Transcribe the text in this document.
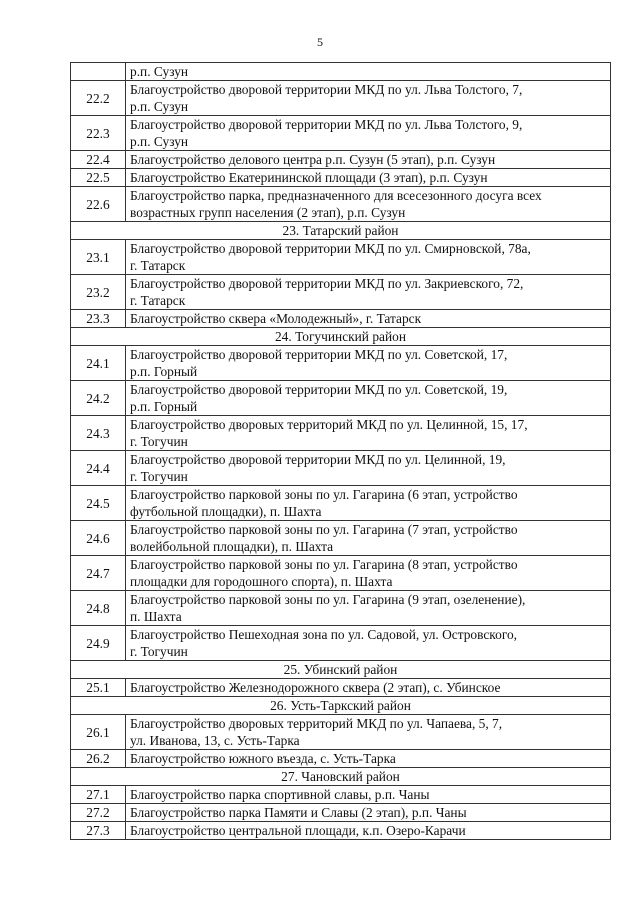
5

	р.п. Сузун

22.2	Благоустройство дворовой территории МКД по ул. Льва Толстого, 7,
р.п. Сузун

22.3	Благоустройство дворовой территории МКД по ул. Льва Толстого, 9,
р.п. Сузун

22.4	Благоустройство делового центра р.п. Сузун (5 этап), р.п. Сузун

22.5	Благоустройство Екатерининской площади (3 этап), р.п. Сузун

22.6	Благоустройство парка, предназначенного для всесезонного досуга всех
возрастных групп населения (2 этап), р.п. Сузун

23. Татарский район	
23.1	Благоустройство дворовой территории МКД по ул. Смирновской, 78а,
г. Татарск

23.2	Благоустройство дворовой территории МКД по ул. Закриевского, 72,
г. Татарск

23.3	Благоустройство сквера «Молодежный», г. Татарск

24. Тогучинский район	
24.1	Благоустройство дворовой территории МКД по ул. Советской, 17,
р.п. Горный

24.2	Благоустройство дворовой территории МКД по ул. Советской, 19,
р.п. Горный

24.3	Благоустройство дворовых территорий МКД по ул. Целинной, 15, 17,
г. Тогучин

24.4	Благоустройство дворовой территории МКД по ул. Целинной, 19,
г. Тогучин

24.5	Благоустройство парковой зоны по ул. Гагарина (6 этап, устройство
футбольной площадки), п. Шахта

24.6	Благоустройство парковой зоны по ул. Гагарина (7 этап, устройство
волейбольной площадки), п. Шахта

24.7	Благоустройство парковой зоны по ул. Гагарина (8 этап, устройство
площадки для городошного спорта), п. Шахта

24.8	Благоустройство парковой зоны по ул. Гагарина (9 этап, озеленение),
п. Шахта

24.9	Благоустройство Пешеходная зона по ул. Садовой, ул. Островского,
г. Тогучин

25. Убинский район	
25.1	Благоустройство Железнодорожного сквера (2 этап), с. Убинское

26. Усть-Таркский район	
26.1	Благоустройство дворовых территорий МКД по ул. Чапаева, 5, 7,
ул. Иванова, 13, с. Усть-Тарка

26.2	Благоустройство южного въезда, с. Усть-Тарка

27. Чановский район	
27.1	Благоустройство парка спортивной славы, р.п. Чаны

27.2	Благоустройство парка Памяти и Славы (2 этап), р.п. Чаны

27.3	Благоустройство центральной площади, к.п. Озеро-Карачи
